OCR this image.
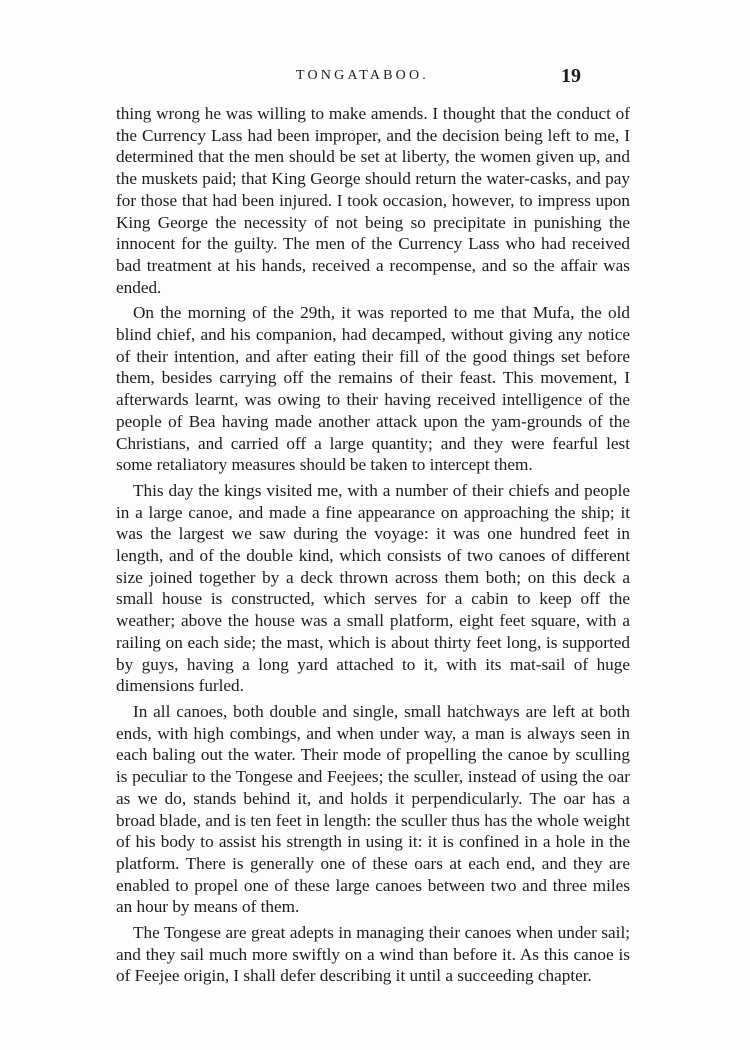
TONGATABOO.	19

thing wrong he was willing to make amends. I thought that the conduct of the Currency Lass had been improper, and the decision being left to me, I determined that the men should be set at liberty, the women given up, and the muskets paid; that King George should return the water-casks, and pay for those that had been injured. I took occasion, however, to impress upon King George the necessity of not being so precipitate in punishing the innocent for the guilty. The men of the Currency Lass who had received bad treatment at his hands, received a recompense, and so the affair was ended.

On the morning of the 29th, it was reported to me that Mufa, the old blind chief, and his companion, had decamped, without giving any notice of their intention, and after eating their fill of the good things set before them, besides carrying off the remains of their feast. This movement, I afterwards learnt, was owing to their having received intelligence of the people of Bea having made another attack upon the yam-grounds of the Christians, and carried off a large quantity; and they were fearful lest some retaliatory measures should be taken to intercept them.

This day the kings visited me, with a number of their chiefs and people in a large canoe, and made a fine appearance on approaching the ship; it was the largest we saw during the voyage: it was one hundred feet in length, and of the double kind, which consists of two canoes of different size joined together by a deck thrown across them both; on this deck a small house is constructed, which serves for a cabin to keep off the weather; above the house was a small platform, eight feet square, with a railing on each side; the mast, which is about thirty feet long, is supported by guys, having a long yard attached to it, with its mat-sail of huge dimensions furled.

In all canoes, both double and single, small hatchways are left at both ends, with high combings, and when under way, a man is always seen in each baling out the water. Their mode of propelling the canoe by sculling is peculiar to the Tongese and Feejees; the sculler, instead of using the oar as we do, stands behind it, and holds it perpendicularly. The oar has a broad blade, and is ten feet in length: the sculler thus has the whole weight of his body to assist his strength in using it: it is confined in a hole in the platform. There is generally one of these oars at each end, and they are enabled to propel one of these large canoes between two and three miles an hour by means of them.

The Tongese are great adepts in managing their canoes when under sail; and they sail much more swiftly on a wind than before it. As this canoe is of Feejee origin, I shall defer describing it until a succeeding chapter.
